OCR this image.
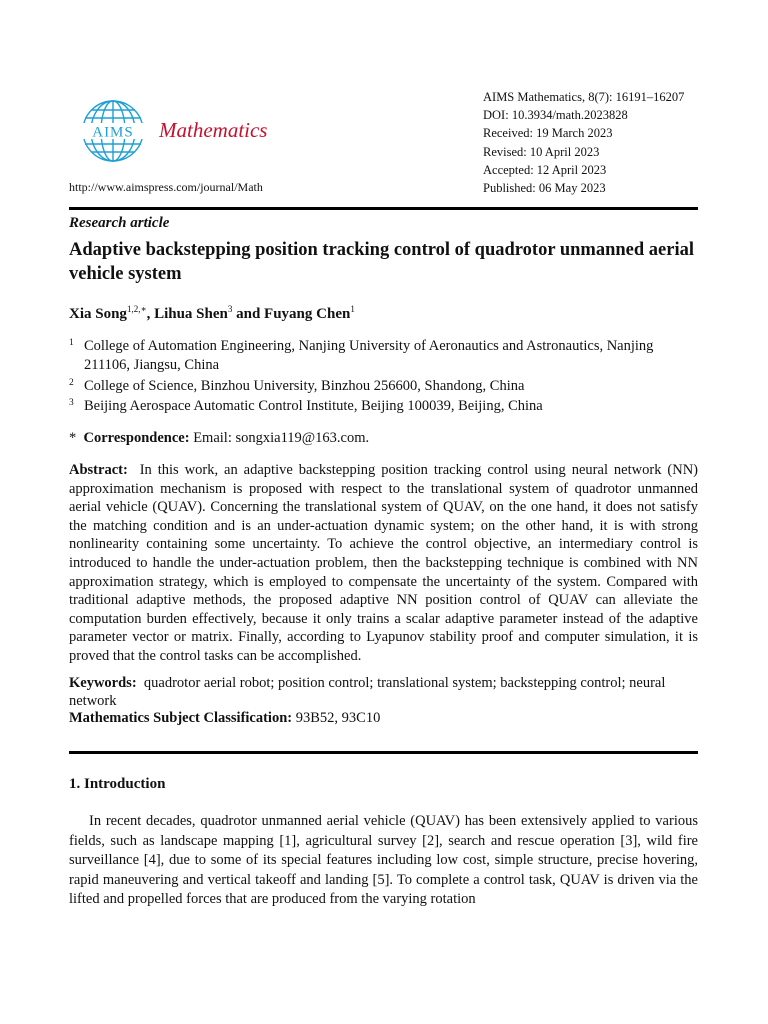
AIMS Mathematics
http://www.aimspress.com/journal/Math
AIMS Mathematics, 8(7): 16191–16207
DOI: 10.3934/math.2023828
Received: 19 March 2023
Revised: 10 April 2023
Accepted: 12 April 2023
Published: 06 May 2023
Research article
Adaptive backstepping position tracking control of quadrotor unmanned aerial vehicle system
Xia Song$^{1,2,∗}$, Lihua Shen$^3$ and Fuyang Chen$^1$
1 College of Automation Engineering, Nanjing University of Aeronautics and Astronautics, Nanjing 211106, Jiangsu, China
2 College of Science, Binzhou University, Binzhou 256600, Shandong, China
3 Beijing Aerospace Automatic Control Institute, Beijing 100039, Beijing, China
* Correspondence: Email: songxia119@163.com.
Abstract: In this work, an adaptive backstepping position tracking control using neural network (NN) approximation mechanism is proposed with respect to the translational system of quadrotor unmanned aerial vehicle (QUAV). Concerning the translational system of QUAV, on the one hand, it does not satisfy the matching condition and is an under-actuation dynamic system; on the other hand, it is with strong nonlinearity containing some uncertainty. To achieve the control objective, an intermediary control is introduced to handle the under-actuation problem, then the backstepping technique is combined with NN approximation strategy, which is employed to compensate the uncertainty of the system. Compared with traditional adaptive methods, the proposed adaptive NN position control of QUAV can alleviate the computation burden effectively, because it only trains a scalar adaptive parameter instead of the adaptive parameter vector or matrix. Finally, according to Lyapunov stability proof and computer simulation, it is proved that the control tasks can be accomplished.
Keywords: quadrotor aerial robot; position control; translational system; backstepping control; neural network
Mathematics Subject Classification: 93B52, 93C10
1. Introduction
In recent decades, quadrotor unmanned aerial vehicle (QUAV) has been extensively applied to various fields, such as landscape mapping [1], agricultural survey [2], search and rescue operation [3], wild fire surveillance [4], due to some of its special features including low cost, simple structure, precise hovering, rapid maneuvering and vertical takeoff and landing [5]. To complete a control task, QUAV is driven via the lifted and propelled forces that are produced from the varying rotation
